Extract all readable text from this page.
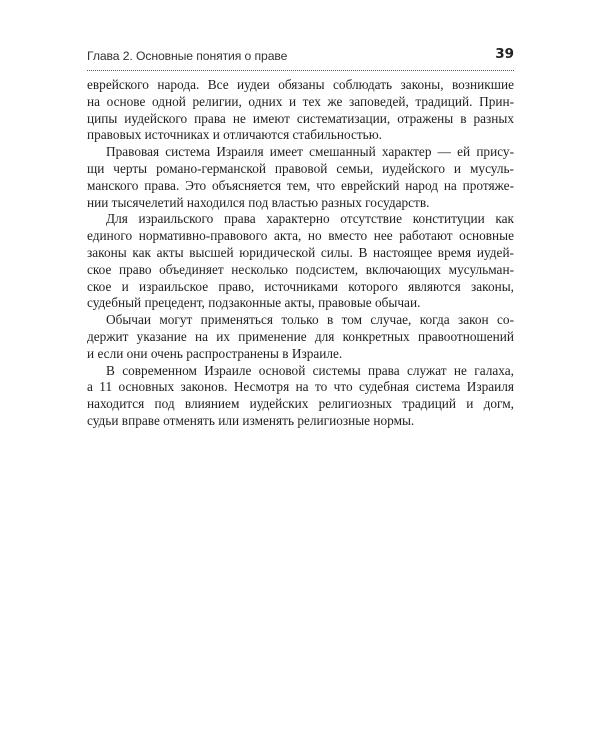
Глава 2. Основные понятия о праве	39

еврейского народа. Все иудеи обязаны соблюдать законы, возникшие

на основе одной религии, одних и тех же заповедей, традиций. Прин-

ципы иудейского права не имеют систематизации, отражены в разных

правовых источниках и отличаются стабильностью.

Правовая система Израиля имеет смешанный характер — ей прису-

щи черты романо-германской правовой семьи, иудейского и мусуль-

манского права. Это объясняется тем, что еврейский народ на протяже-

нии тысячелетий находился под властью разных государств.

Для израильского права характерно отсутствие конституции как

единого нормативно-правового акта, но вместо нее работают основные

законы как акты высшей юридической силы. В настоящее время иудей-

ское право объединяет несколько подсистем, включающих мусульман-

ское и израильское право, источниками которого являются законы,

судебный прецедент, подзаконные акты, правовые обычаи.

Обычаи могут применяться только в том случае, когда закон со-

держит указание на их применение для конкретных правоотношений

и если они очень распространены в Израиле.

В современном Израиле основой системы права служат не галаха,

а 11 основных законов. Несмотря на то что судебная система Израиля

находится под влиянием иудейских религиозных традиций и догм,

судьи вправе отменять или изменять религиозные нормы.
